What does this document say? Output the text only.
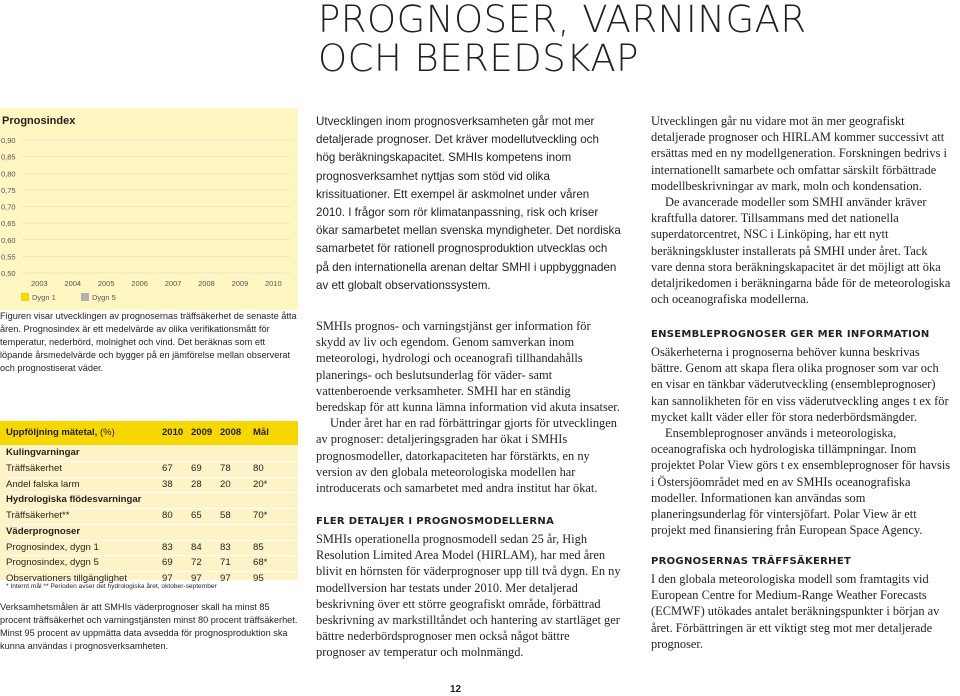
PROGNOSER, VARNINGAR
OCH BEREDSKAP
0,90
0,85
0,80
0,75
0,70
0,65
0,60
0,55
0,50
2003 2004 2005 2006 2007 2008 2009 2010
Dygn 1	Dygn 5
Prognosindex
Figuren visar utvecklingen av prognosernas träffsäkerhet de senaste åtta åren. Prognosindex är ett medelvärde av olika verifikationsmått för temperatur, nederbörd, molnighet och vind. Det beräknas som ett löpande årsmedelvärde och bygger på en jämförelse mellan observerat och prognostiserat väder.
Uppföljning mätetal, (%)	2010 2009 2008 Mål
Kulingvarningar
Träffsäkerhet	67 69 78 80
Andel falska larm	38 28 20 20*
Hydrologiska flödesvarningar
Träffsäkerhet**	80 65 58 70*
Väderprognoser
Prognosindex, dygn 1	83 84 83 85
Prognosindex, dygn 5	69 72 71 68*
Observationers tillgänglighet	97 97 97 95
* Internt mål ** Perioden avser det hydrologiska året, oktober-september
Verksamhetsmålen är att SMHIs väderprognoser skall ha minst 85 procent träffsäkerhet och varningstjänsten minst 80 procent träffsäkerhet. Minst 95 procent av uppmätta data avsedda för prognosproduktion ska kunna användas i prognosverksamheten.
Utvecklingen inom prognosverksamheten går mot mer detaljerade prognoser. Det kräver modellutveckling och hög beräkningskapacitet. SMHIs kompetens inom prognosverksamhet nyttjas som stöd vid olika krissituationer. Ett exempel är askmolnet under våren 2010. I frågor som rör klimatanpassning, risk och kriser ökar samarbetet mellan svenska myndigheter. Det nordiska samarbetet för rationell prognosproduktion utvecklas och på den internationella arenan deltar SMHI i uppbyggnaden av ett globalt observationssystem.

SMHIs prognos- och varningstjänst ger information för skydd av liv och egendom. Genom samverkan inom meteorologi, hydrologi och oceanografi tillhandahålls planerings- och beslutsunderlag för väder- samt vattenberoende verksamheter. SMHI har en ständig beredskap för att kunna lämna information vid akuta insatser.

Under året har en rad förbättringar gjorts för utvecklingen av prognoser: detaljeringsgraden har ökat i SMHIs prognosmodeller, datorkapaciteten har förstärkts, en ny version av den globala meteorologiska modellen har introducerats och samarbetet med andra institut har ökat.

FLER DETALJER I PROGNOSMODELLERNA
SMHIs operationella prognosmodell sedan 25 år, High Resolution Limited Area Model (HIRLAM), har med åren blivit en hörnsten för väderprognoser upp till två dygn. En ny modellversion har testats under 2010. Mer detaljerad beskrivning över ett större geografiskt område, förbättrad beskrivning av markstilltåndet och hantering av startläget ger bättre nederbördsprognoser men också något bättre prognoser av temperatur och molnmängd.

Utvecklingen går nu vidare mot än mer geografiskt detaljerade prognoser och HIRLAM kommer successivt att ersättas med en ny modellgeneration. Forskningen bedrivs i internationellt samarbete och omfattar särskilt förbättrade modellbeskrivningar av mark, moln och kondensation.

De avancerade modeller som SMHI använder kräver kraftfulla datorer. Tillsammans med det nationella superdatorcentret, NSC i Linköping, har ett nytt beräkningskluster installerats på SMHI under året. Tack vare denna stora beräkningskapacitet är det möjligt att öka detaljrikedomen i beräkningarna både för de meteorologiska och oceanografiska modellerna.

ENSEMBLEPROGNOSER GER MER INFORMATION

Osäkerheterna i prognoserna behöver kunna beskrivas bättre. Genom att skapa flera olika prognoser som var och en visar en tänkbar väderutveckling (ensembleprognoser) kan sannolikheten för en viss väderutveckling anges t ex för mycket kallt väder eller för stora nederbördsmängder.

Ensembleprognoser används i meteorologiska, oceanografiska och hydrologiska tillämpningar. Inom projektet Polar View görs t ex ensembleprognoser för havsis i Östersjöområdet med en av SMHIs oceanografiska modeller. Informationen kan användas som planeringsunderlag för vintersjöfart. Polar View är ett projekt med finansiering från European Space Agency.

PROGNOSERNAS TRÄFFSÄKERHET
I den globala meteorologiska modell som framtagits vid European Centre for Medium-Range Weather Forecasts (ECMWF) utökades antalet beräkningspunkter i början av året. Förbättringen är ett viktigt steg mot mer detaljerade prognoser.
12
